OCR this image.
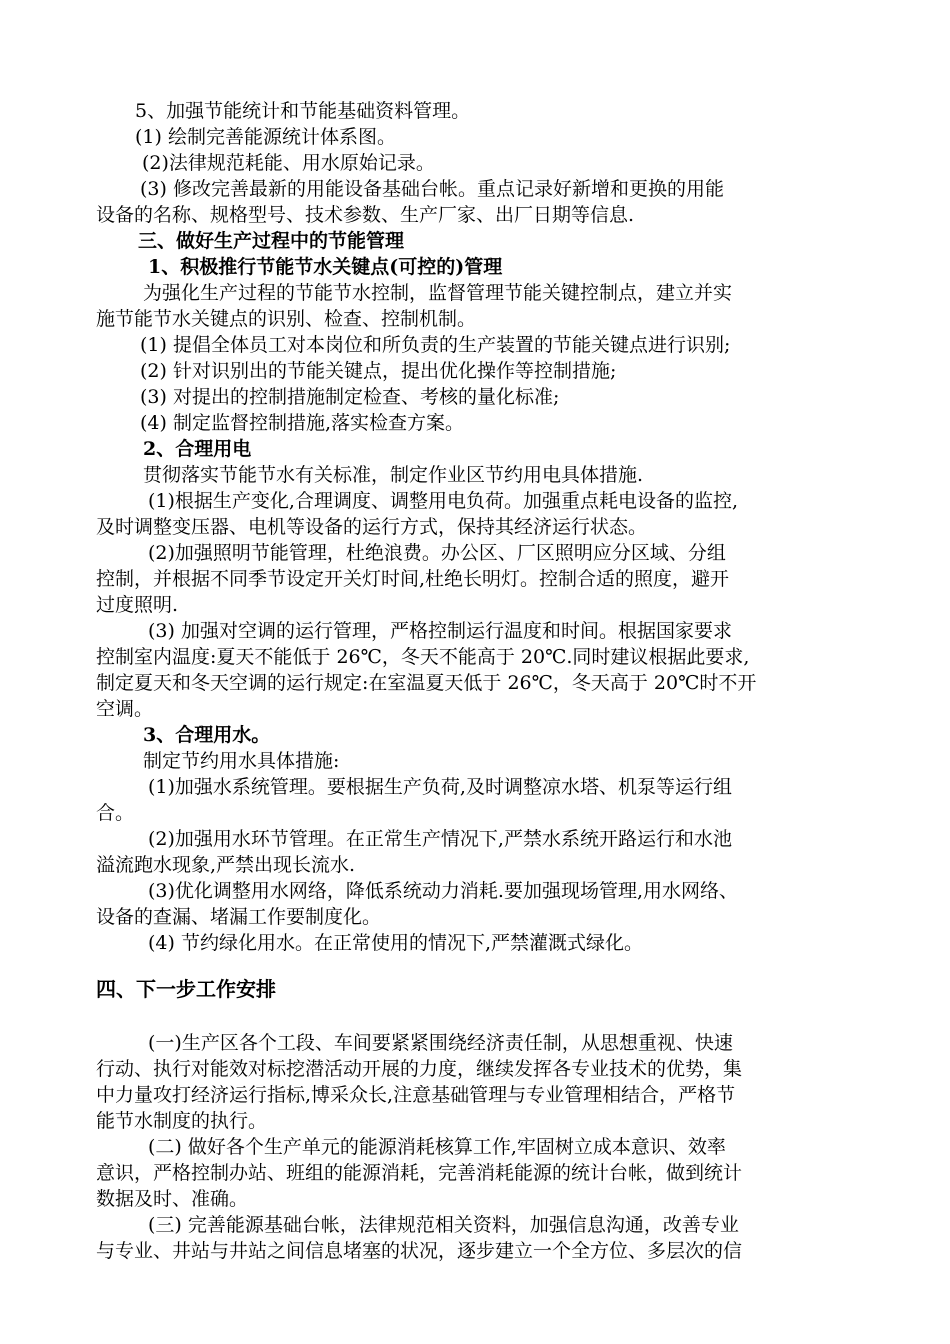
5、加强节能统计和节能基础资料管理。
(1) 绘制完善能源统计体系图。
(2)法律规范耗能、用水原始记录。
(3) 修改完善最新的用能设备基础台帐。重点记录好新增和更换的用能
设备的名称、规格型号、技术参数、生产厂家、出厂日期等信息.
三、做好生产过程中的节能管理
1、积极推行节能节水关键点(可控的)管理
为强化生产过程的节能节水控制，监督管理节能关键控制点，建立并实
施节能节水关键点的识别、检查、控制机制。
(1) 提倡全体员工对本岗位和所负责的生产装置的节能关键点进行识别;
(2) 针对识别出的节能关键点，提出优化操作等控制措施;
(3) 对提出的控制措施制定检查、考核的量化标准;
(4) 制定监督控制措施,落实检查方案。
2、合理用电
贯彻落实节能节水有关标准，制定作业区节约用电具体措施.
(1)根据生产变化,合理调度、调整用电负荷。加强重点耗电设备的监控,
及时调整变压器、电机等设备的运行方式，保持其经济运行状态。
(2)加强照明节能管理，杜绝浪费。办公区、厂区照明应分区域、分组
控制，并根据不同季节设定开关灯时间,杜绝长明灯。控制合适的照度，避开
过度照明.
(3) 加强对空调的运行管理，严格控制运行温度和时间。根据国家要求
控制室内温度:夏天不能低于 26℃，冬天不能高于 20℃.同时建议根据此要求,
制定夏天和冬天空调的运行规定:在室温夏天低于 26℃，冬天高于 20℃时不开
空调。
3、合理用水。
制定节约用水具体措施:
(1)加强水系统管理。要根据生产负荷,及时调整凉水塔、机泵等运行组
合。
(2)加强用水环节管理。在正常生产情况下,严禁水系统开路运行和水池
溢流跑水现象,严禁出现长流水.
(3)优化调整用水网络，降低系统动力消耗.要加强现场管理,用水网络、
设备的查漏、堵漏工作要制度化。
(4) 节约绿化用水。在正常使用的情况下,严禁灌溉式绿化。
四、下一步工作安排
(一)生产区各个工段、车间要紧紧围绕经济责任制，从思想重视、快速
行动、执行对能效对标挖潜活动开展的力度，继续发挥各专业技术的优势，集
中力量攻打经济运行指标,博采众长,注意基础管理与专业管理相结合，严格节
能节水制度的执行。
(二) 做好各个生产单元的能源消耗核算工作,牢固树立成本意识、效率
意识，严格控制办站、班组的能源消耗，完善消耗能源的统计台帐，做到统计
数据及时、准确。
(三) 完善能源基础台帐，法律规范相关资料，加强信息沟通，改善专业
与专业、井站与井站之间信息堵塞的状况，逐步建立一个全方位、多层次的信
